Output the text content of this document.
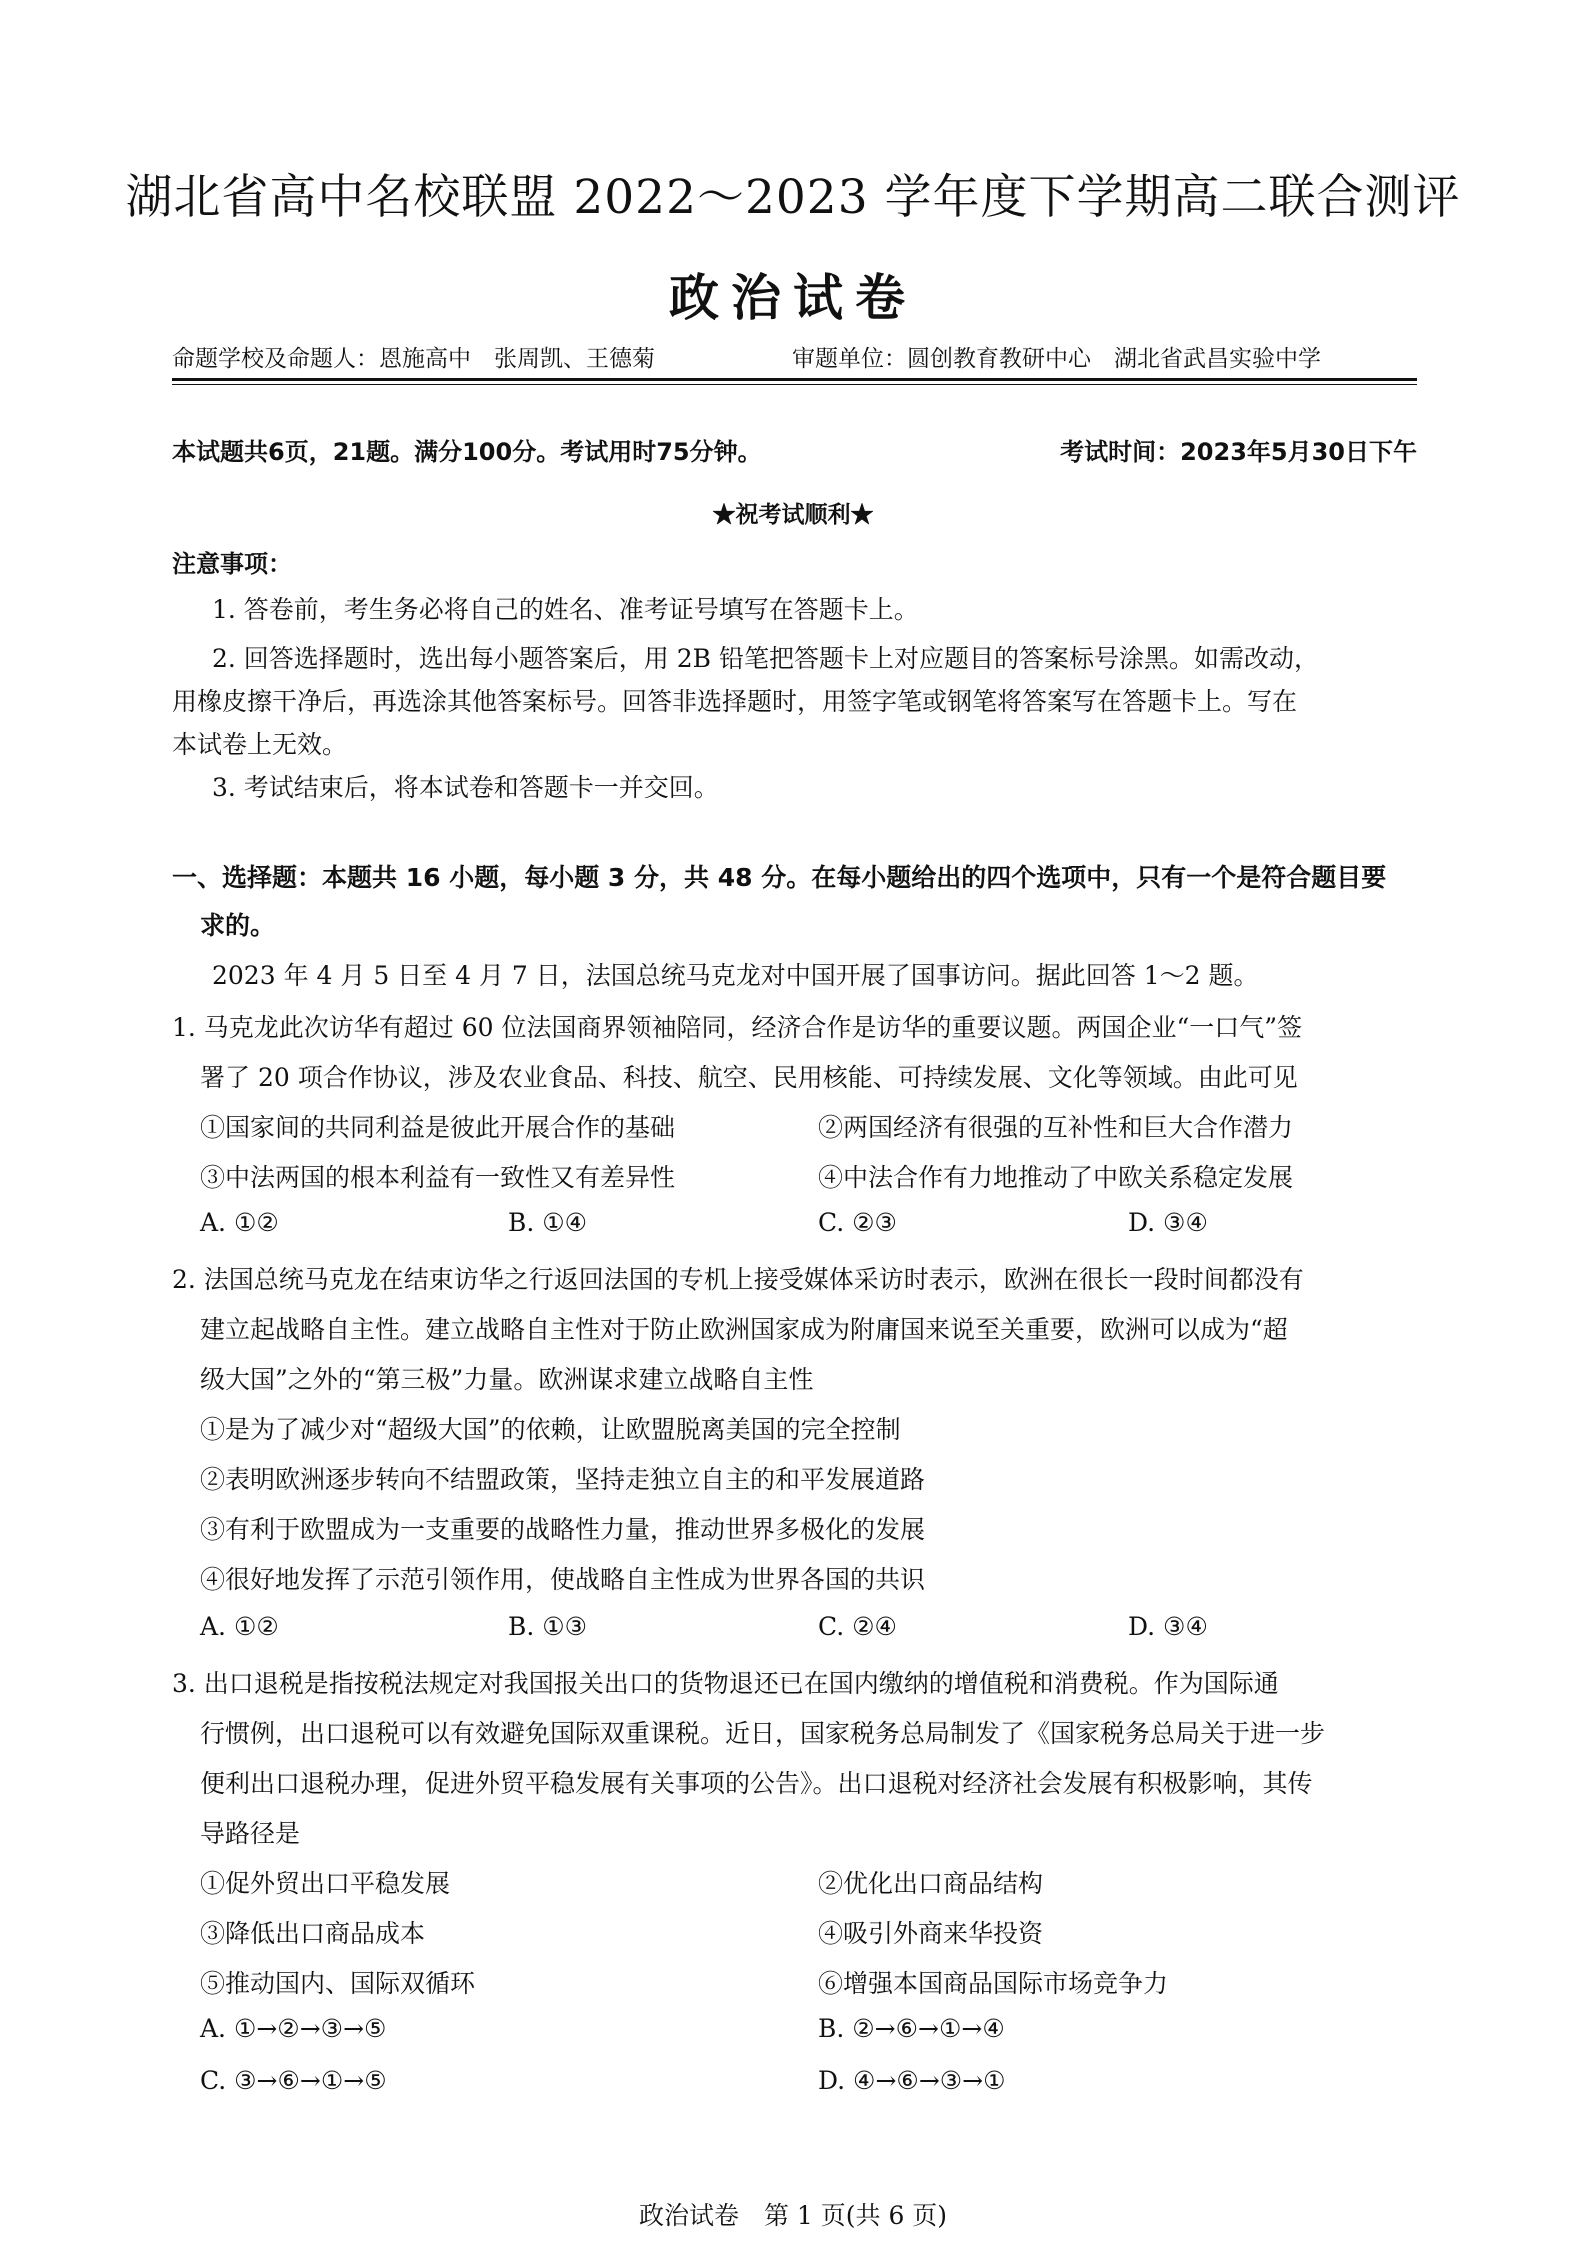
湖北省高中名校联盟 2022～2023 学年度下学期高二联合测评
政治试卷
命题学校及命题人：恩施高中　张周凯、王德菊	审题单位：圆创教育教研中心　湖北省武昌实验中学
本试题共6页，21题。满分100分。考试用时75分钟。	考试时间：2023年5月30日下午
★祝考试顺利★
注意事项：
1. 答卷前，考生务必将自己的姓名、准考证号填写在答题卡上。
2. 回答选择题时，选出每小题答案后，用 2B 铅笔把答题卡上对应题目的答案标号涂黑。如需改动，
用橡皮擦干净后，再选涂其他答案标号。回答非选择题时，用签字笔或钢笔将答案写在答题卡上。写在
本试卷上无效。
3. 考试结束后，将本试卷和答题卡一并交回。
一、选择题：本题共 16 小题，每小题 3 分，共 48 分。在每小题给出的四个选项中，只有一个是符合题目要
求的。
2023 年 4 月 5 日至 4 月 7 日，法国总统马克龙对中国开展了国事访问。据此回答 1～2 题。
1. 马克龙此次访华有超过 60 位法国商界领袖陪同，经济合作是访华的重要议题。两国企业“一口气”签
署了 20 项合作协议，涉及农业食品、科技、航空、民用核能、可持续发展、文化等领域。由此可见
①国家间的共同利益是彼此开展合作的基础	②两国经济有很强的互补性和巨大合作潜力
③中法两国的根本利益有一致性又有差异性	④中法合作有力地推动了中欧关系稳定发展
A. ①②	B. ①④	C. ②③	D. ③④
2. 法国总统马克龙在结束访华之行返回法国的专机上接受媒体采访时表示，欧洲在很长一段时间都没有
建立起战略自主性。建立战略自主性对于防止欧洲国家成为附庸国来说至关重要，欧洲可以成为“超
级大国”之外的“第三极”力量。欧洲谋求建立战略自主性
①是为了减少对“超级大国”的依赖，让欧盟脱离美国的完全控制
②表明欧洲逐步转向不结盟政策，坚持走独立自主的和平发展道路
③有利于欧盟成为一支重要的战略性力量，推动世界多极化的发展
④很好地发挥了示范引领作用，使战略自主性成为世界各国的共识
A. ①②	B. ①③	C. ②④	D. ③④
3. 出口退税是指按税法规定对我国报关出口的货物退还已在国内缴纳的增值税和消费税。作为国际通
行惯例，出口退税可以有效避免国际双重课税。近日，国家税务总局制发了《国家税务总局关于进一步
便利出口退税办理，促进外贸平稳发展有关事项的公告》。出口退税对经济社会发展有积极影响，其传
导路径是
①促外贸出口平稳发展	②优化出口商品结构
③降低出口商品成本	④吸引外商来华投资
⑤推动国内、国际双循环	⑥增强本国商品国际市场竞争力
A. ①→②→③→⑤	B. ②→⑥→①→④
C. ③→⑥→①→⑤	D. ④→⑥→③→①
政治试卷　第 1 页(共 6 页)
